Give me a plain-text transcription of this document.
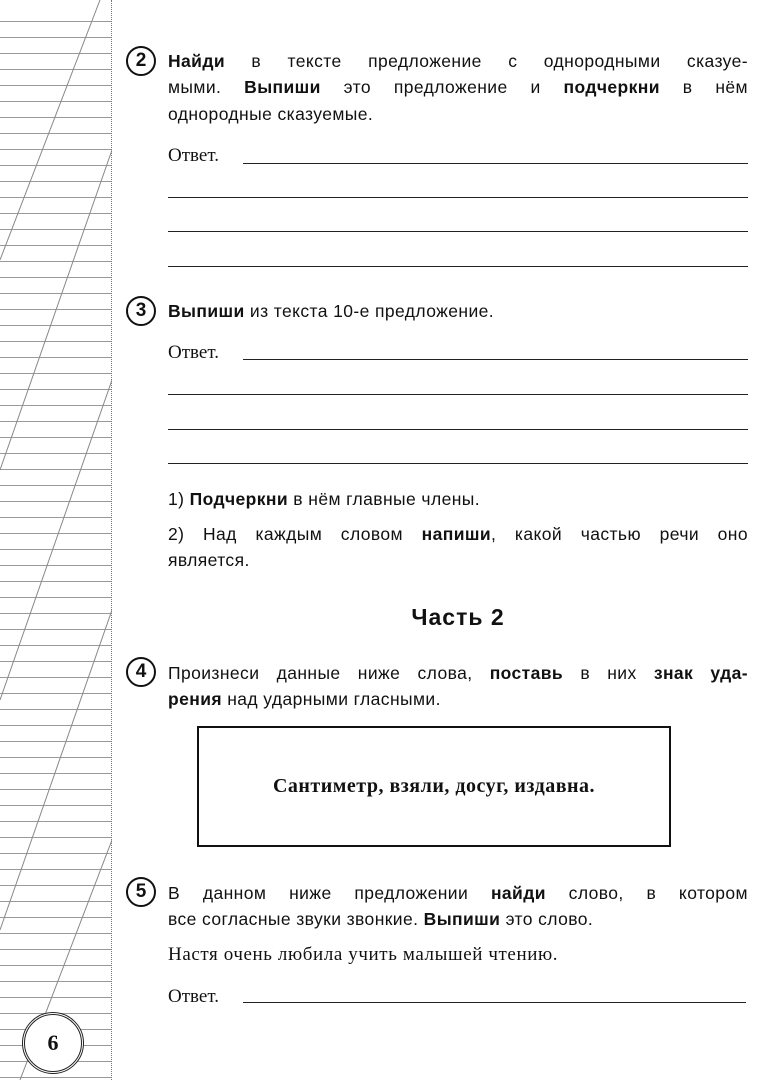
6
2	Найди в тексте предложение с однородными сказуе-
мыми. Выпиши это предложение и подчеркни в нём
однородные сказуемые.
Ответ.
3	Выпиши из текста 10-е предложение.
Ответ.
1) Подчеркни в нём главные члены.
2) Над каждым словом напиши, какой частью речи оно
является.
Часть 2
4	Произнеси данные ниже слова, поставь в них знак уда-
рения над ударными гласными.
Сантиметр, взяли, досуг, издавна.
5	В данном ниже предложении найди слово, в котором
все согласные звуки звонкие. Выпиши это слово.
Настя очень любила учить малышей чтению.
Ответ.
